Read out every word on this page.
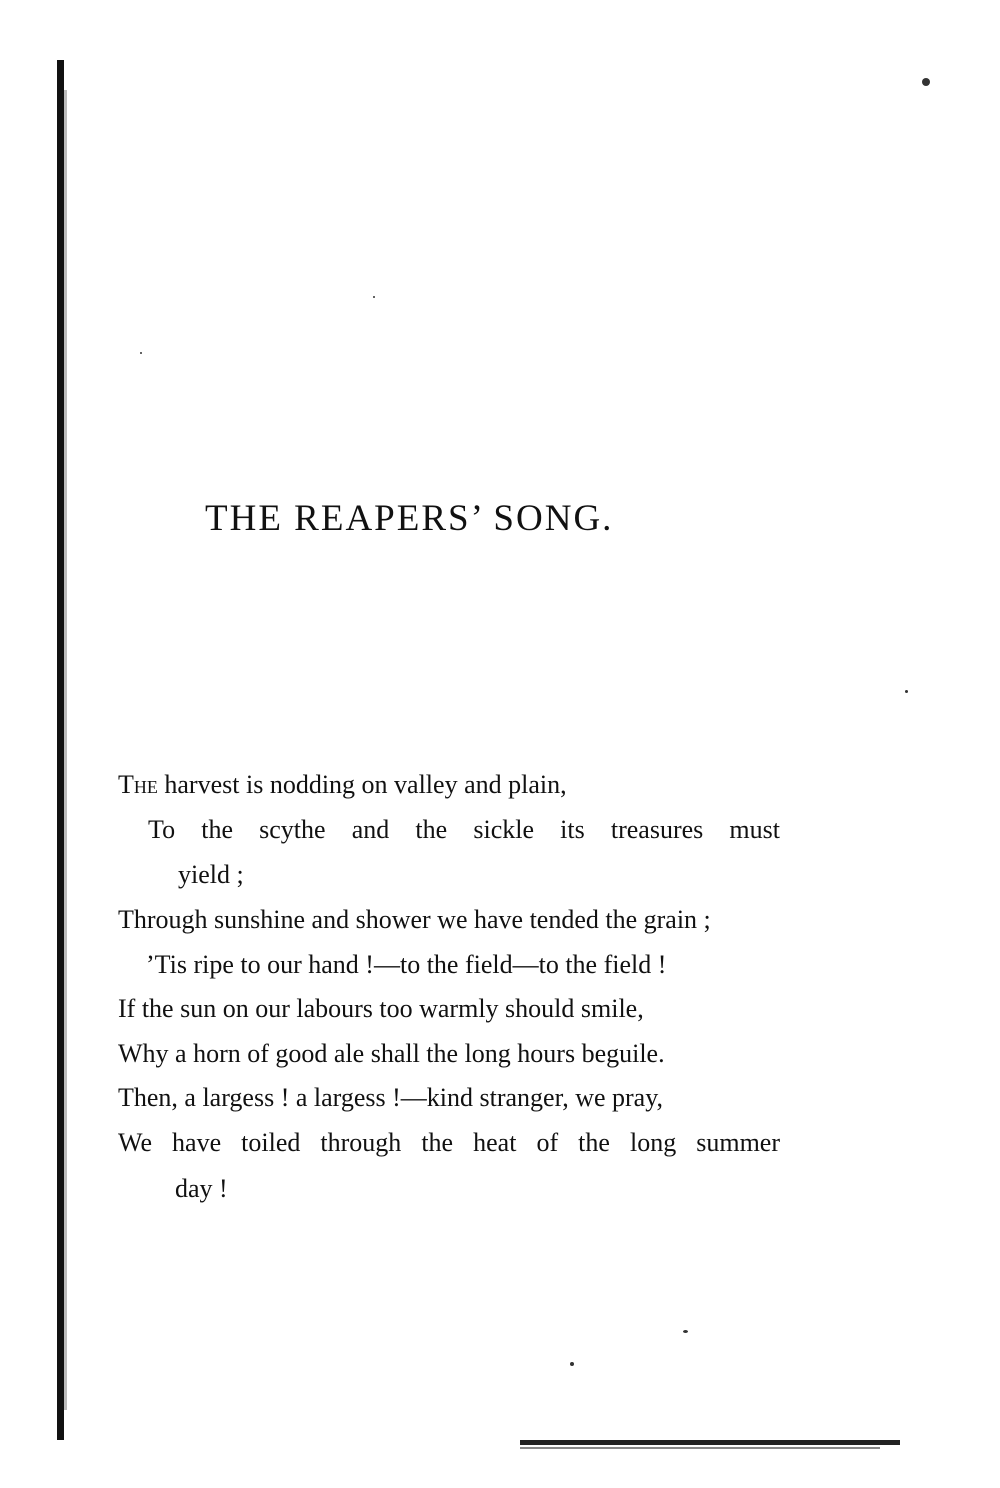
THE REAPERS’ SONG.
The harvest is nodding on valley and plain,
To the scythe and the sickle its treasures must
yield ;
Through sunshine and shower we have tended the grain ;
’Tis ripe to our hand !—to the field—to the field !
If the sun on our labours too warmly should smile,
Why a horn of good ale shall the long hours beguile.
Then, a largess ! a largess !—kind stranger, we pray,
We have toiled through the heat of the long summer
day !
